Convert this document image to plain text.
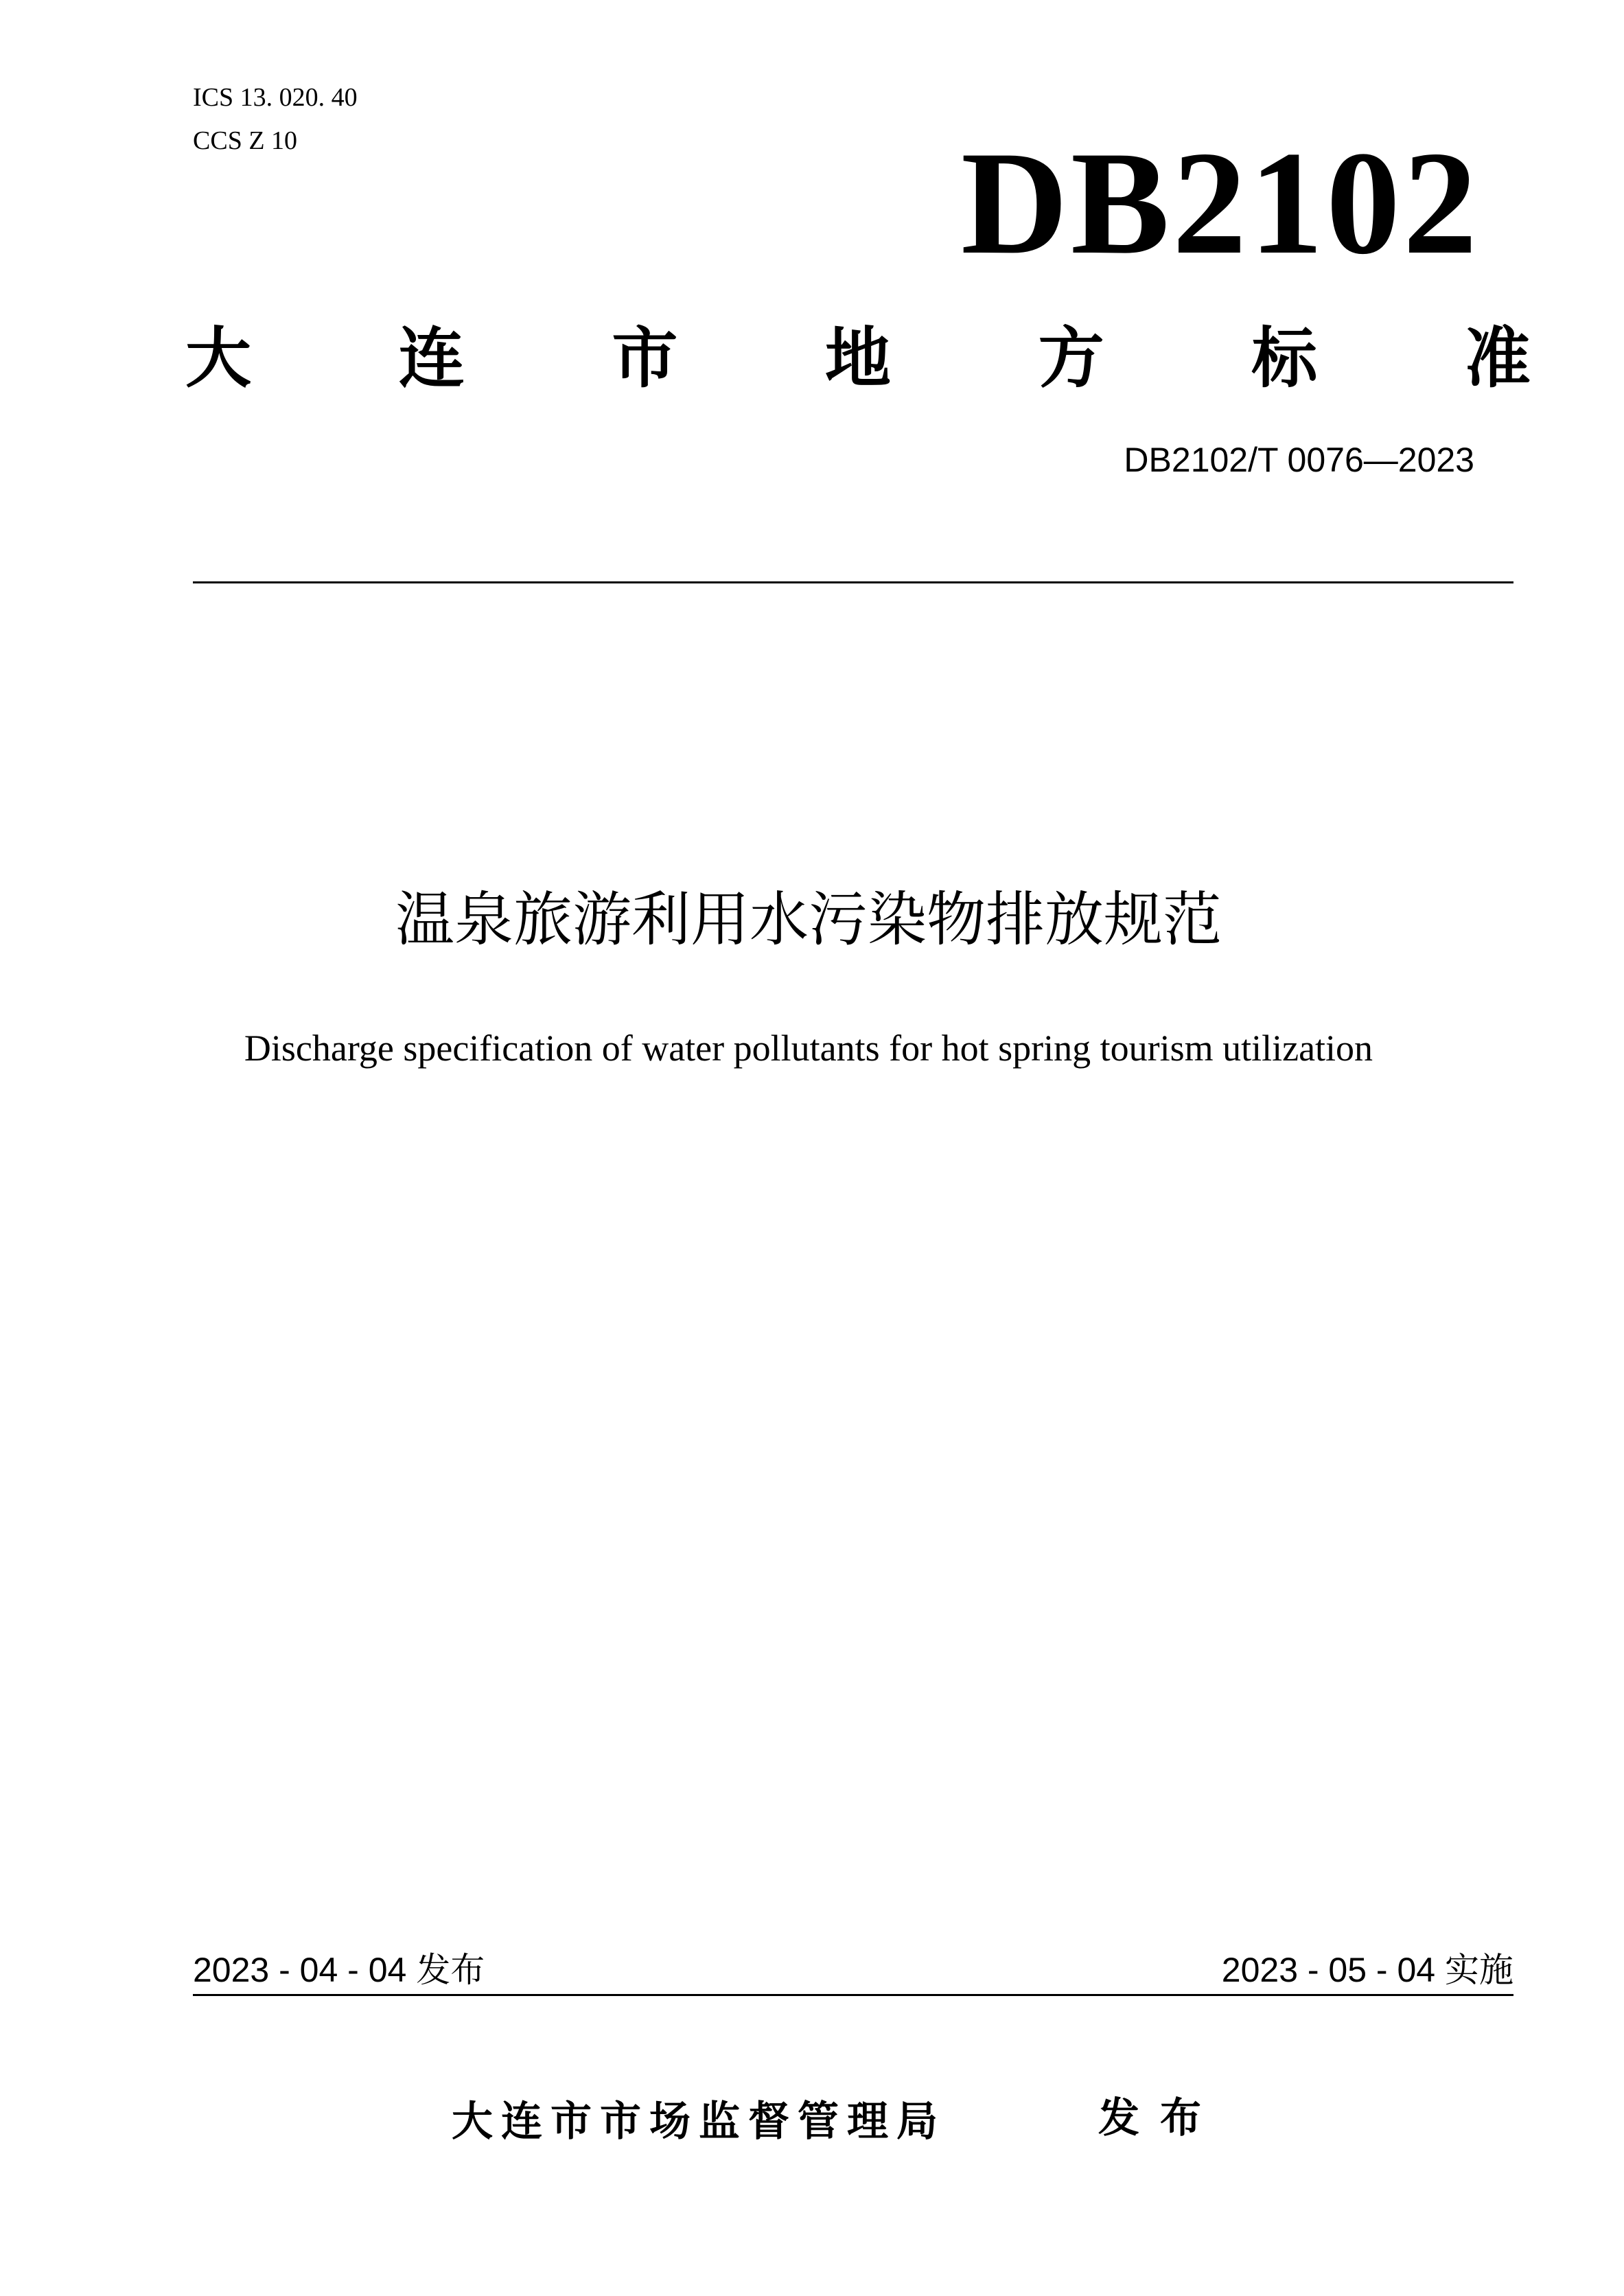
ICS 13. 020. 40
CCS Z 10	DB2102
大 连 市 地 方 标 准
DB2102/T 0076—2023
温泉旅游利用水污染物排放规范
Discharge specification of water pollutants for hot spring tourism utilization
2023 - 04 - 04 发布	2023 - 05 - 04 实施
大连市市场监督管理局	发布
